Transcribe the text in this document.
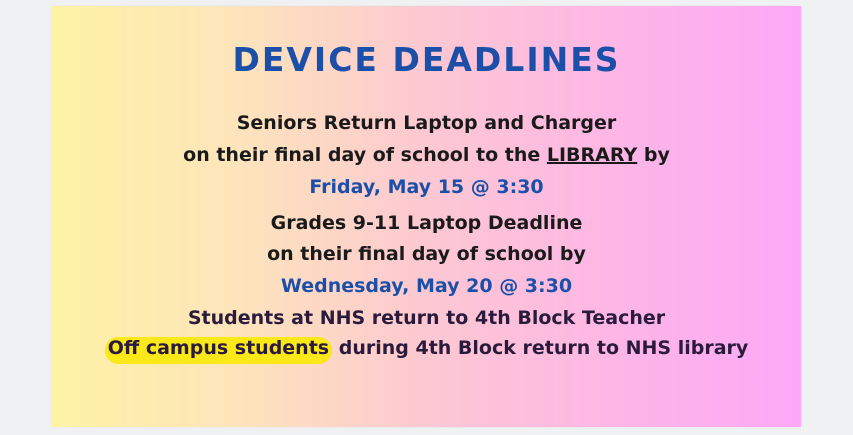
DEVICE DEADLINES
Seniors Return Laptop and Charger
on their final day of school to the LIBRARY by
Friday, May 15 @ 3:30
Grades 9-11 Laptop Deadline
on their final day of school by
Wednesday, May 20 @ 3:30
Students at NHS return to 4th Block Teacher
Off campus students during 4th Block return to NHS library
